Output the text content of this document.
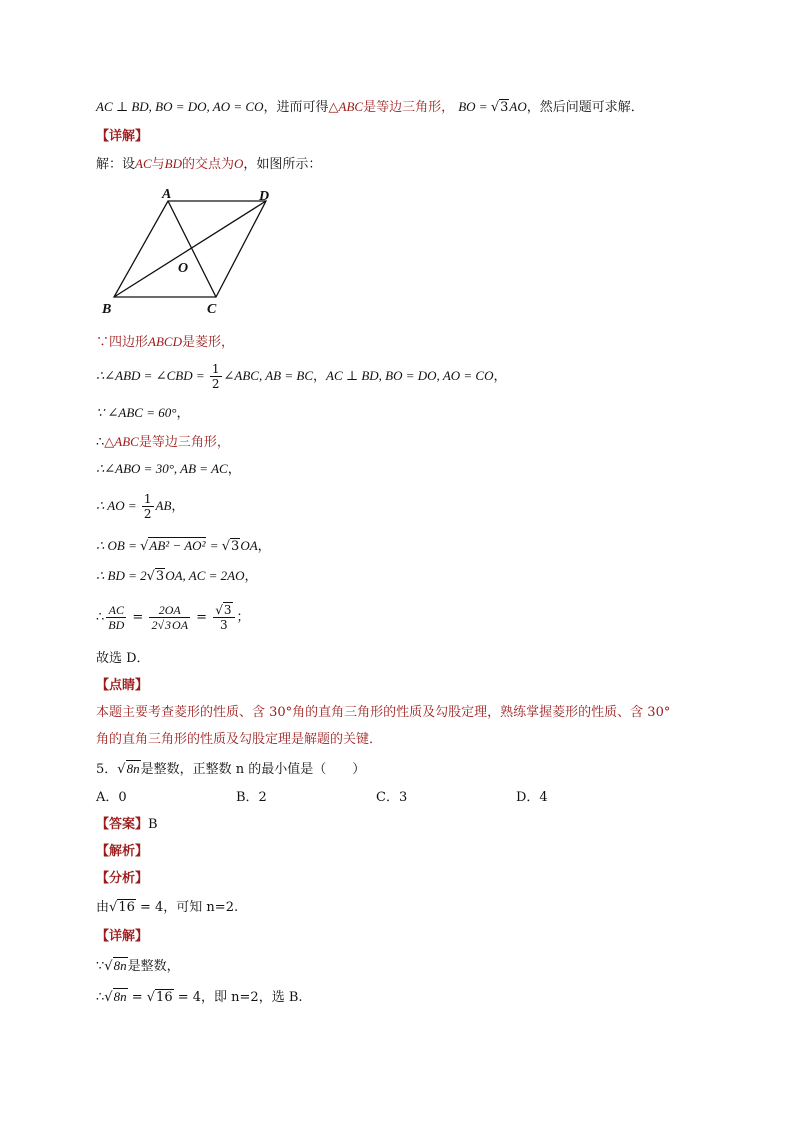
AC ⊥ BD, BO = DO, AO = CO，进而可得△ABC是等边三角形， BO = √3AO，然后问题可求解．
【详解】
解：设AC与BD的交点为O，如图所示：
A	D
O
B	C
∵四边形ABCD是菱形，
∴∠ABD = ∠CBD = $\frac{1}{2}$ ∠ABC, AB = BC，AC ⊥ BD, BO = DO, AO = CO，
∵ ∠ABC = 60°，
∴△ABC是等边三角形，
∴∠ABO = 30°, AB = AC，
∴ AO = $\frac{1}{2}$ AB，
∴ OB = √AB² − AO² = √3OA，
∴ BD = 2√3OA, AC = 2AO，
∴ $\frac{AC}{BD} = \frac{2OA}{2√3OA} = \frac{√3}{3}$ ；
故选 D．
【点睛】
本题主要考查菱形的性质、含 30°角的直角三角形的性质及勾股定理，熟练掌握菱形的性质、含 30°
角的直角三角形的性质及勾股定理是解题的关键．
5．√8n是整数，正整数 n 的最小值是（　　）
A．0	B．2	C．3	D．4
【答案】B
【解析】
【分析】
由√16 = 4，可知 n=2.
【详解】
∵√8n是整数，
∴√8n = √16 = 4，即 n=2，选 B.
